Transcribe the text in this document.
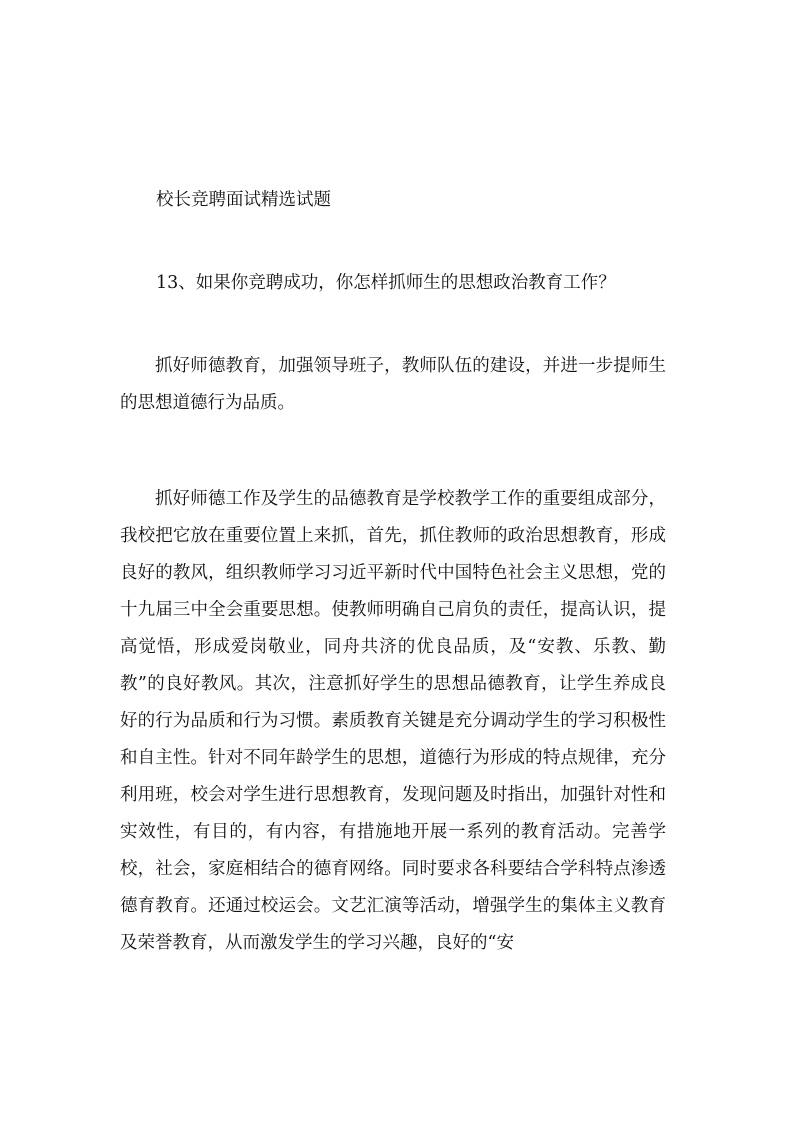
校长竞聘面试精选试题
13、如果你竞聘成功，你怎样抓师生的思想政治教育工作？

抓好师德教育，加强领导班子，教师队伍的建设，并进一步提师生的思想道德行为品质。

抓好师德工作及学生的品德教育是学校教学工作的重要组成部分，我校把它放在重要位置上来抓，首先，抓住教师的政治思想教育，形成良好的教风，组织教师学习习近平新时代中国特色社会主义思想，党的十九届三中全会重要思想。使教师明确自己肩负的责任，提高认识，提高觉悟，形成爱岗敬业，同舟共济的优良品质，及“安教、乐教、勤教”的良好教风。其次，注意抓好学生的思想品德教育，让学生养成良好的行为品质和行为习惯。素质教育关键是充分调动学生的学习积极性和自主性。针对不同年龄学生的思想，道德行为形成的特点规律，充分利用班，校会对学生进行思想教育，发现问题及时指出，加强针对性和实效性，有目的，有内容，有措施地开展一系列的教育活动。完善学校，社会，家庭相结合的德育网络。同时要求各科要结合学科特点渗透德育教育。还通过校运会。文艺汇演等活动，增强学生的集体主义教育及荣誉教育，从而激发学生的学习兴趣，良好的“安
